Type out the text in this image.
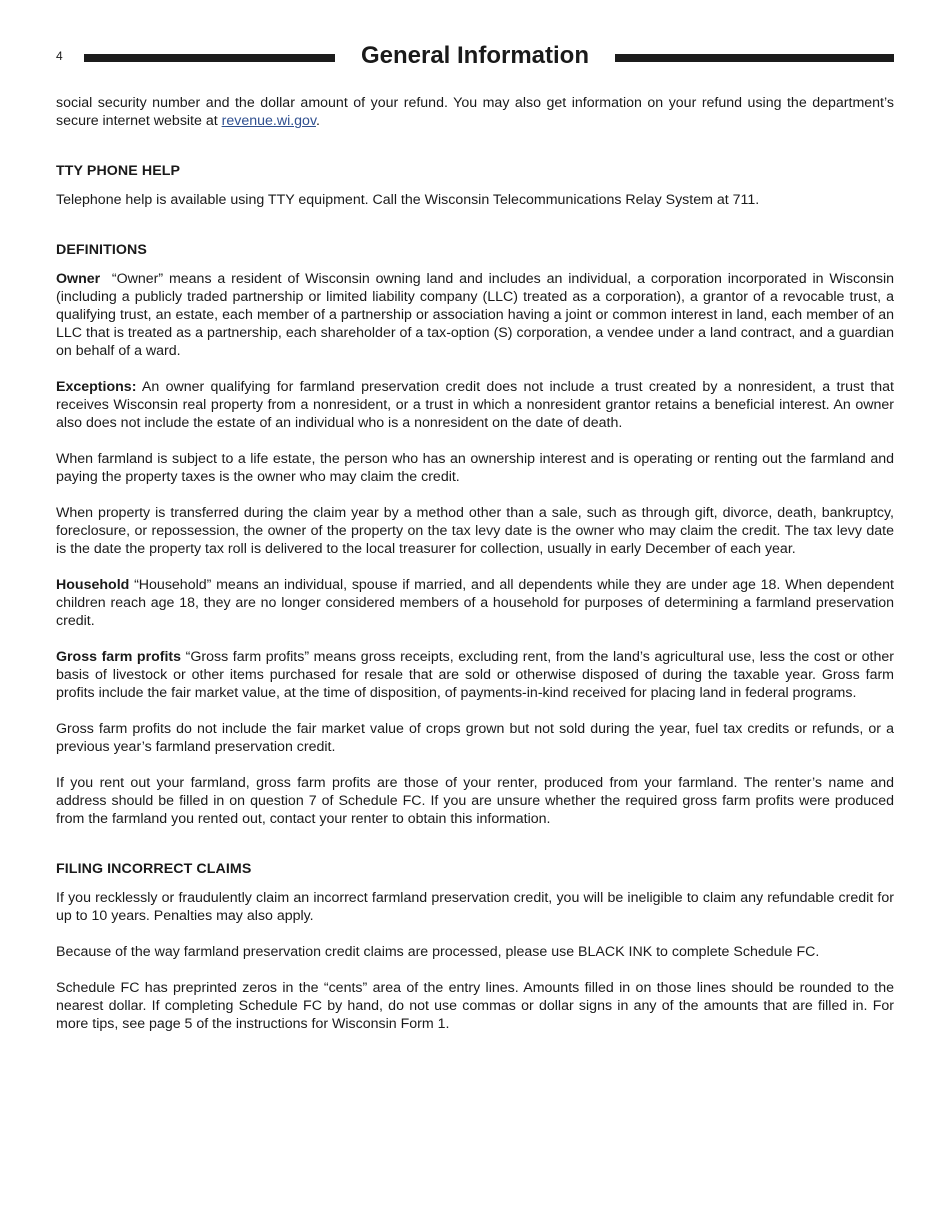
4	General Information

social security number and the dollar amount of your refund. You may also get information on your refund using the department’s secure internet website at revenue.wi.gov.

TTY PHONE HELP

Telephone help is available using TTY equipment. Call the Wisconsin Telecommunications Relay System at 711.

DEFINITIONS

Owner  “Owner” means a resident of Wisconsin owning land and includes an individual, a corporation incorporated in Wisconsin (including a publicly traded partnership or limited liability company (LLC) treated as a corporation), a grantor of a revocable trust, a qualifying trust, an estate, each member of a partnership or association having a joint or common interest in land, each member of an LLC that is treated as a partnership, each shareholder of a tax-option (S) corporation, a vendee under a land contract, and a guardian on behalf of a ward.

Exceptions: An owner qualifying for farmland preservation credit does not include a trust created by a nonresident, a trust that receives Wisconsin real property from a nonresident, or a trust in which a nonresident grantor retains a beneficial interest. An owner also does not include the estate of an individual who is a nonresident on the date of death.

When farmland is subject to a life estate, the person who has an ownership interest and is operating or renting out the farmland and paying the property taxes is the owner who may claim the credit.

When property is transferred during the claim year by a method other than a sale, such as through gift, divorce, death, bankruptcy, foreclosure, or repossession, the owner of the property on the tax levy date is the owner who may claim the credit. The tax levy date is the date the property tax roll is delivered to the local treasurer for collection, usually in early December of each year.

Household “Household” means an individual, spouse if married, and all dependents while they are under age 18. When dependent children reach age 18, they are no longer considered members of a household for purposes of determining a farmland preservation credit.

Gross farm profits “Gross farm profits” means gross receipts, excluding rent, from the land’s agricultural use, less the cost or other basis of livestock or other items purchased for resale that are sold or otherwise disposed of during the taxable year. Gross farm profits include the fair market value, at the time of disposition, of payments-in-kind received for placing land in federal programs.

Gross farm profits do not include the fair market value of crops grown but not sold during the year, fuel tax credits or refunds, or a previous year’s farmland preservation credit.

If you rent out your farmland, gross farm profits are those of your renter, produced from your farmland. The renter’s name and address should be filled in on question 7 of Schedule FC. If you are unsure whether the required gross farm profits were produced from the farmland you rented out, contact your renter to obtain this information.

FILING INCORRECT CLAIMS

If you recklessly or fraudulently claim an incorrect farmland preservation credit, you will be ineligible to claim any refundable credit for up to 10 years. Penalties may also apply.

Because of the way farmland preservation credit claims are processed, please use BLACK INK to complete Schedule FC.

Schedule FC has preprinted zeros in the “cents” area of the entry lines. Amounts filled in on those lines should be rounded to the nearest dollar. If completing Schedule FC by hand, do not use commas or dollar signs in any of the amounts that are filled in. For more tips, see page 5 of the instructions for Wisconsin Form 1.
